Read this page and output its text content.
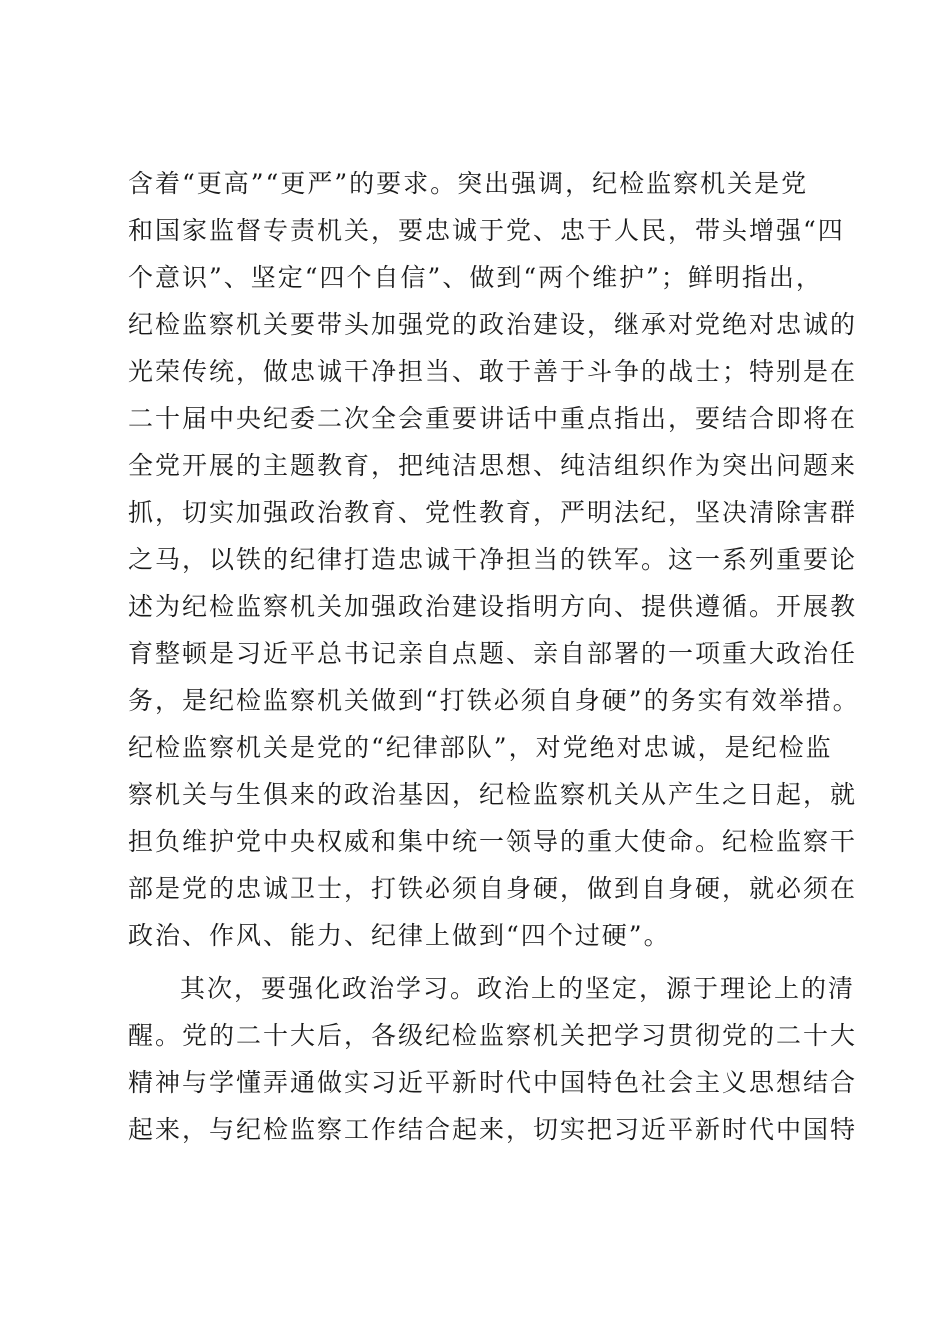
含着“更高”“更严”的要求。突出强调，纪检监察机关是党
和国家监督专责机关，要忠诚于党、忠于人民，带头增强“四
个意识”、坚定“四个自信”、做到“两个维护”；鲜明指出，
纪检监察机关要带头加强党的政治建设，继承对党绝对忠诚的
光荣传统，做忠诚干净担当、敢于善于斗争的战士；特别是在
二十届中央纪委二次全会重要讲话中重点指出，要结合即将在
全党开展的主题教育，把纯洁思想、纯洁组织作为突出问题来
抓，切实加强政治教育、党性教育，严明法纪，坚决清除害群
之马，以铁的纪律打造忠诚干净担当的铁军。这一系列重要论
述为纪检监察机关加强政治建设指明方向、提供遵循。开展教
育整顿是习近平总书记亲自点题、亲自部署的一项重大政治任
务，是纪检监察机关做到“打铁必须自身硬”的务实有效举措。
纪检监察机关是党的“纪律部队”，对党绝对忠诚，是纪检监
察机关与生俱来的政治基因，纪检监察机关从产生之日起，就
担负维护党中央权威和集中统一领导的重大使命。纪检监察干
部是党的忠诚卫士，打铁必须自身硬，做到自身硬，就必须在
政治、作风、能力、纪律上做到“四个过硬”。
其次，要强化政治学习。政治上的坚定，源于理论上的清
醒。党的二十大后，各级纪检监察机关把学习贯彻党的二十大
精神与学懂弄通做实习近平新时代中国特色社会主义思想结合
起来，与纪检监察工作结合起来，切实把习近平新时代中国特
